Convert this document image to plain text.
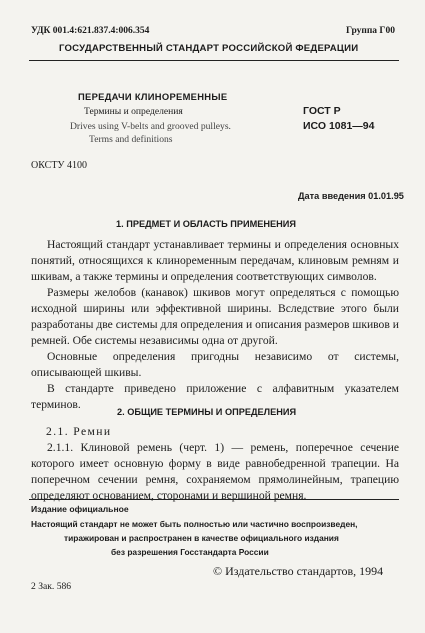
УДК 001.4:621.837.4:006.354	Группа Г00
ГОСУДАРСТВЕННЫЙ СТАНДАРТ РОССИЙСКОЙ ФЕДЕРАЦИИ
ПЕРЕДАЧИ КЛИНОРЕМЕННЫЕ
Термины и определения
Drives using V-belts and grooved pulleys.
Terms and definitions
ГОСТ Р
ИСО 1081—94
ОКСТУ 4100
Дата введения 01.01.95
1. ПРЕДМЕТ И ОБЛАСТЬ ПРИМЕНЕНИЯ

Настоящий стандарт устанавливает термины и определения основных понятий, относящихся к клиноременным передачам, клиновым ремням и шкивам, а также термины и определения соответствующих символов.

Размеры желобов (канавок) шкивов могут определяться с помощью исходной ширины или эффективной ширины. Вследствие этого были разработаны две системы для определения и описания размеров шкивов и ремней. Обе системы независимы одна от другой.

Основные определения пригодны независимо от системы, описывающей шкивы.

В стандарте приведено приложение с алфавитным указателем терминов.

2. ОБЩИЕ ТЕРМИНЫ И ОПРЕДЕЛЕНИЯ
2.1. Ремни

2.1.1. Клиновой ремень (черт. 1) — ремень, поперечное сечение которого имеет основную форму в виде равнобедренной трапеции. На поперечном сечении ремня, сохраняемом прямолинейным, трапецию определяют основанием, сторонами и вершиной ремня.

Издание официальное
Настоящий стандарт не может быть полностью или частично воспроизведен,
тиражирован и распространен в качестве официального издания
без разрешения Госстандарта России
© Издательство стандартов, 1994
2 Зак. 586
